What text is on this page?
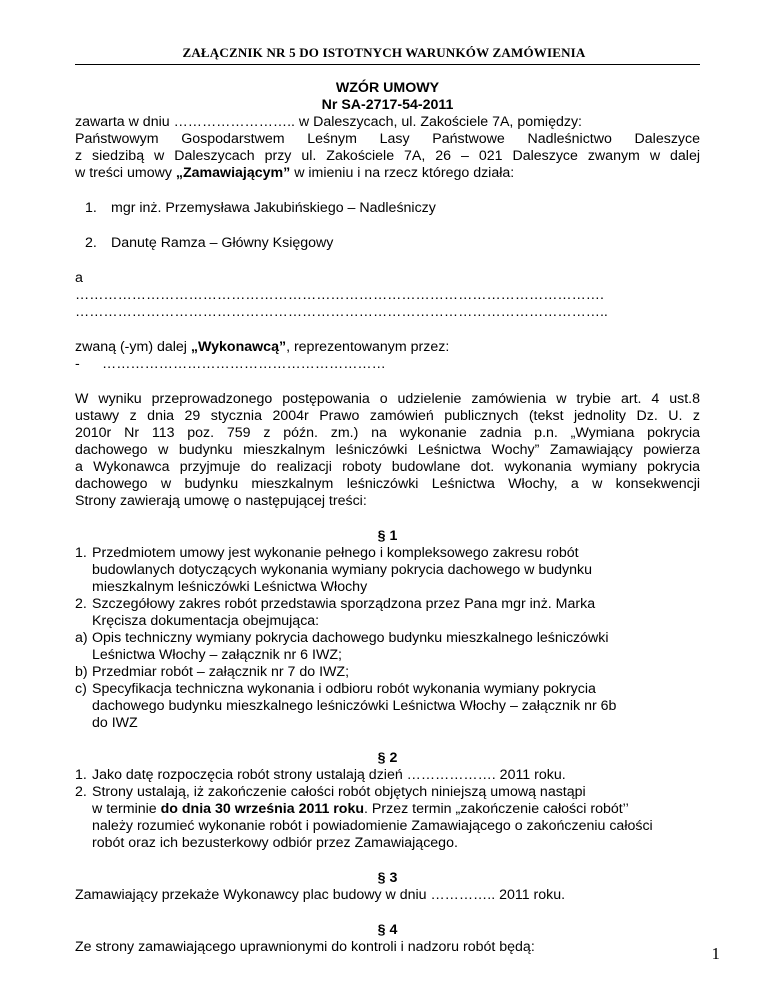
ZAŁĄCZNIK NR 5 DO ISTOTNYCH WARUNKÓW ZAMÓWIENIA
WZÓR UMOWY
Nr SA-2717-54-2011
zawarta w dniu …………………….. w Daleszycach, ul. Zakościele 7A, pomiędzy:
Państwowym Gospodarstwem Leśnym Lasy Państwowe Nadleśnictwo Daleszyce
z siedzibą w Daleszycach przy ul. Zakościele 7A, 26 – 021 Daleszyce zwanym w dalej
w treści umowy „Zamawiającym” w imieniu i na rzecz którego działa:
1. mgr inż. Przemysława Jakubińskiego – Nadleśniczy
2. Danutę Ramza – Główny Księgowy
a
………………………………………………………………………………………………….
…………………………………………………………………………………………………..
zwaną (-ym) dalej „Wykonawcą”, reprezentowanym przez:
- ……………………………………………………
W wyniku przeprowadzonego postępowania o udzielenie zamówienia w trybie art. 4 ust.8
ustawy z dnia 29 stycznia 2004r Prawo zamówień publicznych (tekst jednolity Dz. U. z
2010r Nr 113 poz. 759 z późn. zm.) na wykonanie zadnia p.n. „Wymiana pokrycia
dachowego w budynku mieszkalnym leśniczówki Leśnictwa Wochy” Zamawiający powierza
a Wykonawca przyjmuje do realizacji roboty budowlane dot. wykonania wymiany pokrycia
dachowego w budynku mieszkalnym leśniczówki Leśnictwa Włochy, a w konsekwencji
Strony zawierają umowę o następującej treści:
§ 1
1. Przedmiotem umowy jest wykonanie pełnego i kompleksowego zakresu robót
budowlanych dotyczących wykonania wymiany pokrycia dachowego w budynku
mieszkalnym leśniczówki Leśnictwa Włochy
2. Szczegółowy zakres robót przedstawia sporządzona przez Pana mgr inż. Marka
Kręcisza dokumentacja obejmująca:
a) Opis techniczny wymiany pokrycia dachowego budynku mieszkalnego leśniczówki
Leśnictwa Włochy – załącznik nr 6 IWZ;
b) Przedmiar robót – załącznik nr 7 do IWZ;
c) Specyfikacja techniczna wykonania i odbioru robót wykonania wymiany pokrycia
dachowego budynku mieszkalnego leśniczówki Leśnictwa Włochy – załącznik nr 6b
do IWZ
§ 2
1. Jako datę rozpoczęcia robót strony ustalają dzień ………………. 2011 roku.
2. Strony ustalają, iż zakończenie całości robót objętych niniejszą umową nastąpi
w terminie do dnia 30 września 2011 roku. Przez termin „zakończenie całości robót’’
należy rozumieć wykonanie robót i powiadomienie Zamawiającego o zakończeniu całości
robót oraz ich bezusterkowy odbiór przez Zamawiającego.
§ 3
Zamawiający przekaże Wykonawcy plac budowy w dniu ………….. 2011 roku.
§ 4
Ze strony zamawiającego uprawnionymi do kontroli i nadzoru robót będą:	1
